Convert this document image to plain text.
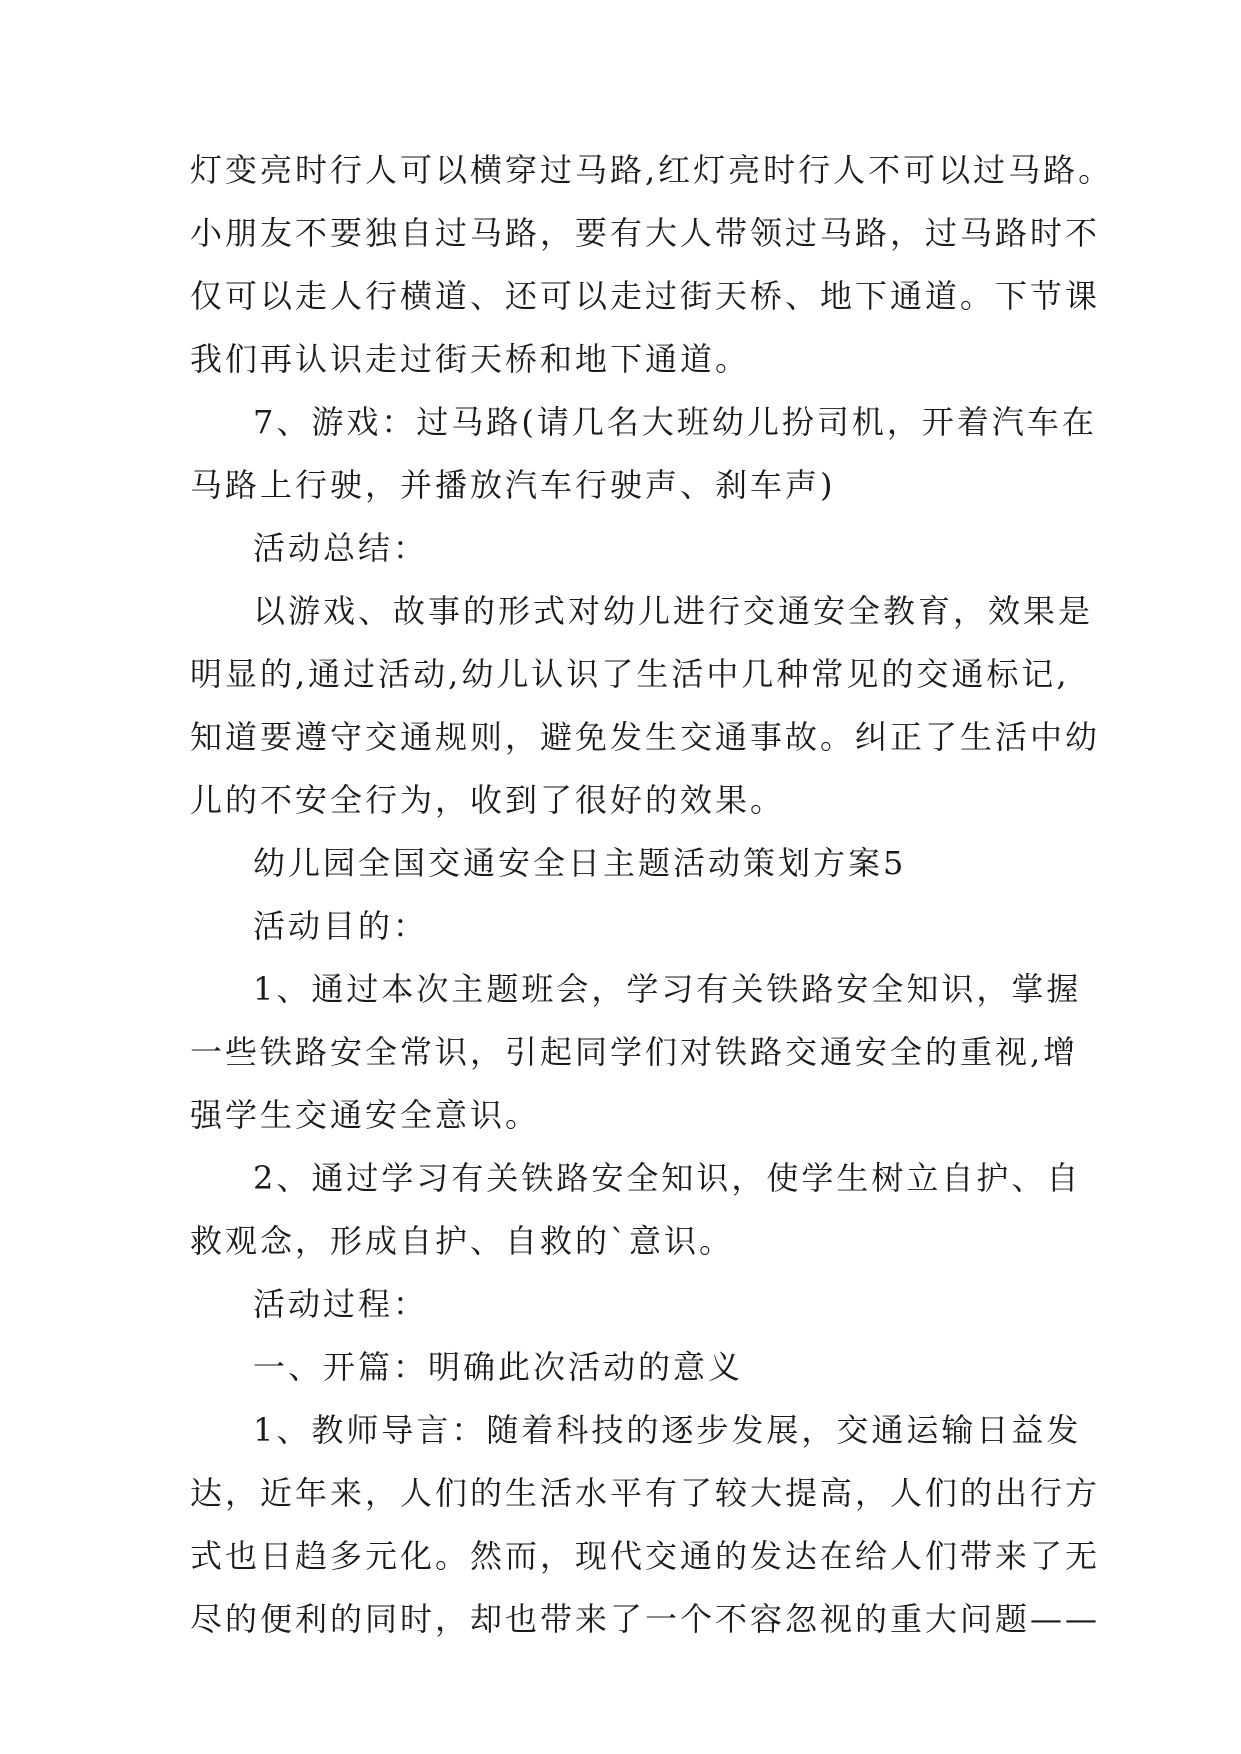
灯变亮时行人可以横穿过马路,红灯亮时行人不可以过马路。
小朋友不要独自过马路，要有大人带领过马路，过马路时不
仅可以走人行横道、还可以走过街天桥、地下通道。下节课
我们再认识走过街天桥和地下通道。
7、游戏：过马路(请几名大班幼儿扮司机，开着汽车在
马路上行驶，并播放汽车行驶声、刹车声)
活动总结：
以游戏、故事的形式对幼儿进行交通安全教育，效果是
明显的,通过活动,幼儿认识了生活中几种常见的交通标记,
知道要遵守交通规则，避免发生交通事故。纠正了生活中幼
儿的不安全行为，收到了很好的效果。
幼儿园全国交通安全日主题活动策划方案5
活动目的：
1、通过本次主题班会，学习有关铁路安全知识，掌握
一些铁路安全常识，引起同学们对铁路交通安全的重视,增
强学生交通安全意识。
2、通过学习有关铁路安全知识，使学生树立自护、自
救观念，形成自护、自救的`意识。
活动过程：
一、开篇：明确此次活动的意义
1、教师导言：随着科技的逐步发展，交通运输日益发
达，近年来，人们的生活水平有了较大提高，人们的出行方
式也日趋多元化。然而，现代交通的发达在给人们带来了无
尽的便利的同时，却也带来了一个不容忽视的重大问题——
